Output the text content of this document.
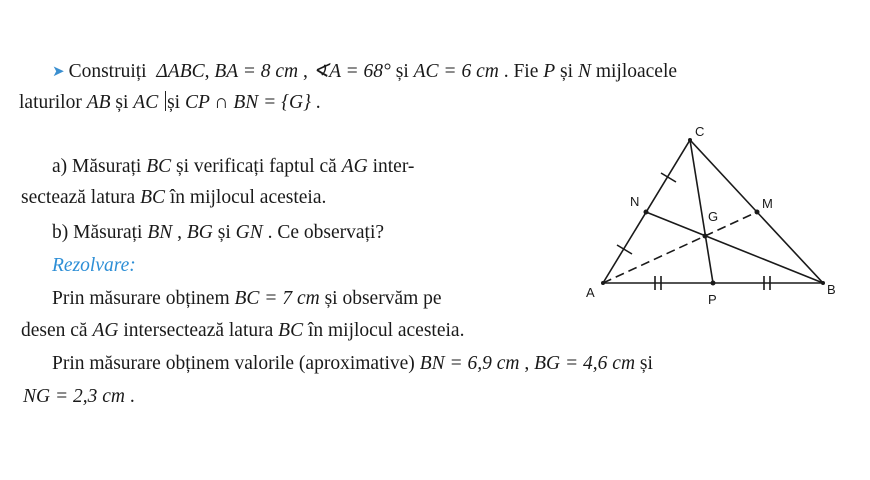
➤ Construiți ΔABC, BA = 8 cm , ∢A = 68° și AC = 6 cm . Fie P și N mijloacele
laturilor AB și AC și CP ∩ BN = {G} .
a) Măsurați BC și verificați faptul că AG inter-
sectează latura BC în mijlocul acesteia.
b) Măsurați BN , BG și GN . Ce observați?
Rezolvare:
Prin măsurare obținem BC = 7 cm și observăm pe
desen că AG intersectează latura BC în mijlocul acesteia.
Prin măsurare obținem valorile (aproximative) BN = 6,9 cm , BG = 4,6 cm și
NG = 2,3 cm .
C
N	M
G
A	B
P
